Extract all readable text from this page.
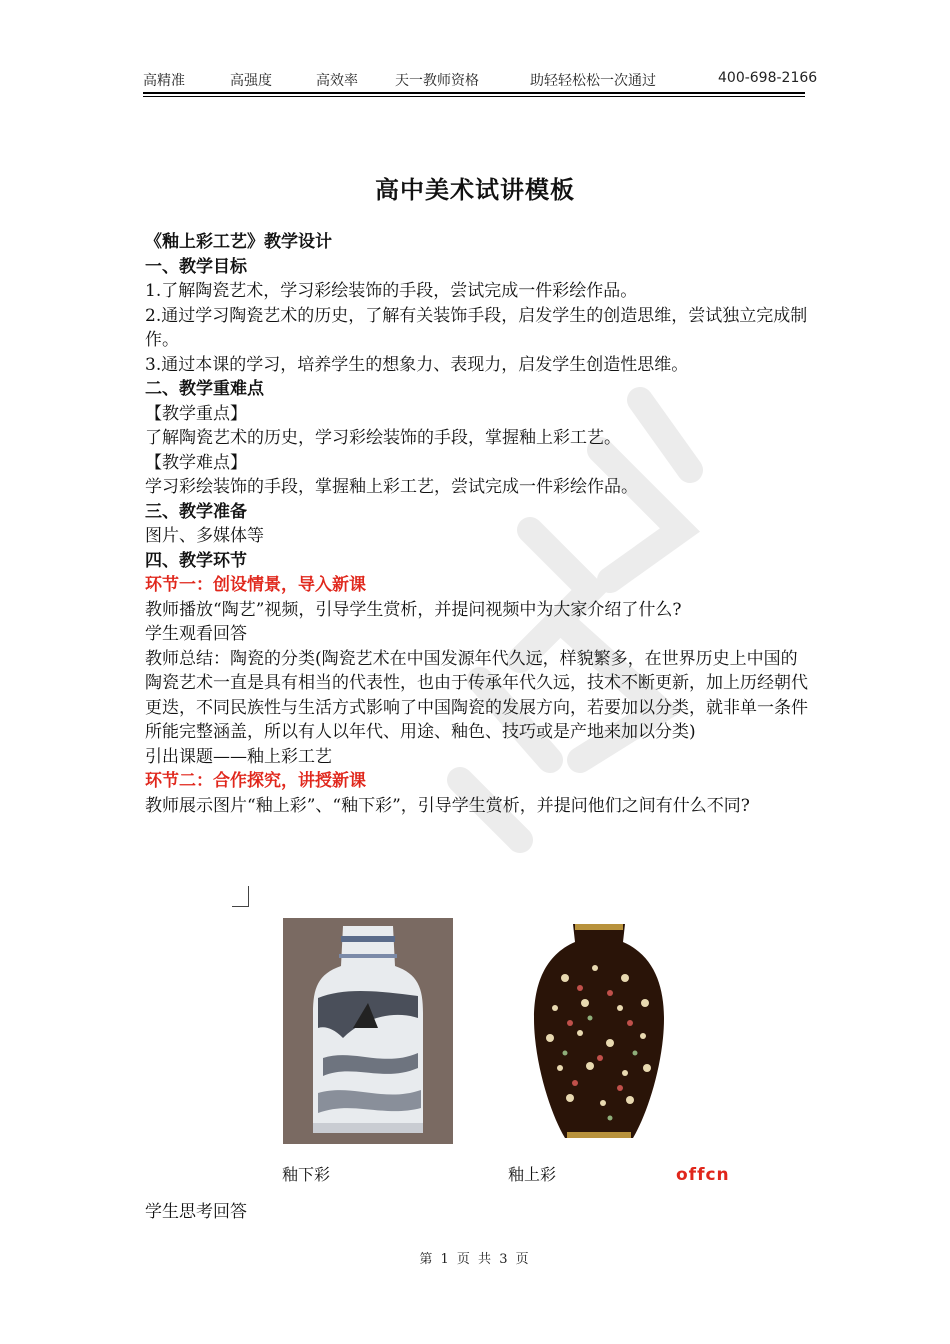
高精准	高强度	高效率	天一教师资格	助轻轻松松一次通过	400-698-2166
高中美术试讲模板

《釉上彩工艺》教学设计

一、教学目标

1.了解陶瓷艺术，学习彩绘装饰的手段，尝试完成一件彩绘作品。

2.通过学习陶瓷艺术的历史，了解有关装饰手段，启发学生的创造思维，尝试独立完成制作。

3.通过本课的学习，培养学生的想象力、表现力，启发学生创造性思维。

二、教学重难点

【教学重点】

了解陶瓷艺术的历史，学习彩绘装饰的手段，掌握釉上彩工艺。

【教学难点】

学习彩绘装饰的手段，掌握釉上彩工艺，尝试完成一件彩绘作品。

三、教学准备

图片、多媒体等

四、教学环节

环节一：创设情景，导入新课

教师播放“陶艺”视频，引导学生赏析，并提问视频中为大家介绍了什么?

学生观看回答

教师总结：陶瓷的分类(陶瓷艺术在中国发源年代久远，样貌繁多，在世界历史上中国的陶瓷艺术一直是具有相当的代表性，也由于传承年代久远，技术不断更新，加上历经朝代更迭，不同民族性与生活方式影响了中国陶瓷的发展方向，若要加以分类，就非单一条件所能完整涵盖，所以有人以年代、用途、釉色、技巧或是产地来加以分类)

引出课题——釉上彩工艺

环节二：合作探究，讲授新课

教师展示图片“釉上彩”、“釉下彩”，引导学生赏析，并提问他们之间有什么不同?

釉下彩	釉上彩	offcn
学生思考回答
第 1 页 共 3 页
